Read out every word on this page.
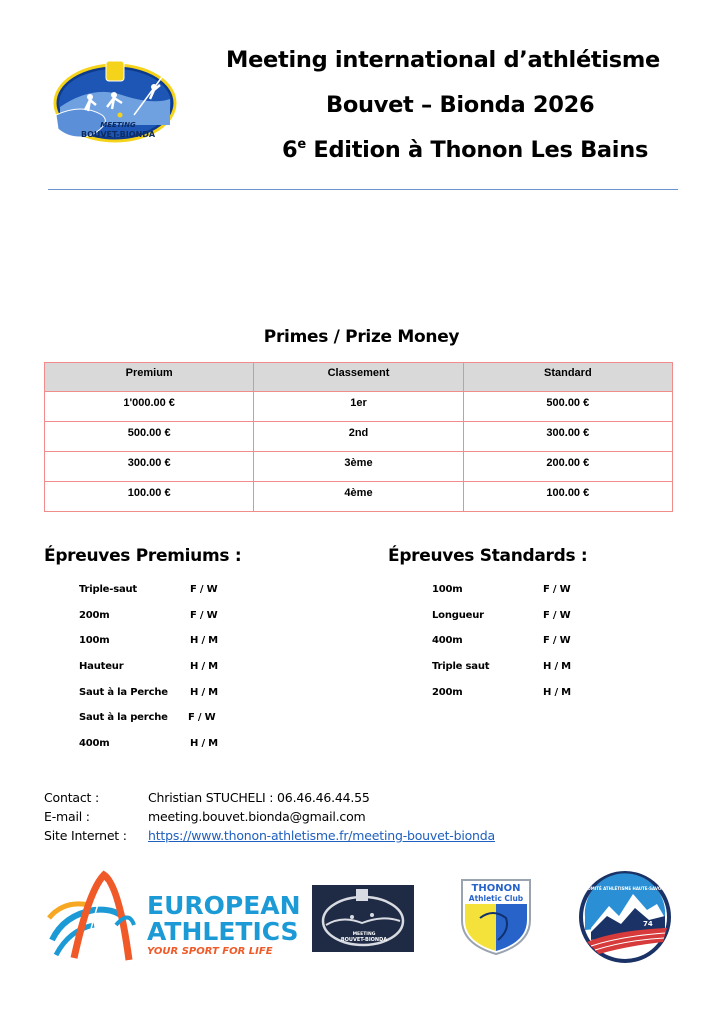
MEETING
BOUVET-BIONDA
Meeting international d’athlétisme
Bouvet – Bionda 2026
6e Edition à Thonon Les Bains
Primes / Prize Money
Premium	Classement	Standard
1'000.00 €	1er	500.00 €
500.00 €	2nd	300.00 €
300.00 €	3ème	200.00 €
100.00 €	4ème	100.00 €
Épreuves Premiums :	Épreuves Standards :
Triple-saut	F / W
200m	F / W
100m	H / M
Hauteur	H / M
Saut à la Perche H / M
Saut à la perche F / W
400m	H / M
100m	F / W
Longueur	F / W
400m	F / W
Triple saut	H / M
200m	H / M
Contact :	Christian STUCHELI : 06.46.46.44.55
E-mail :	meeting.bouvet.bionda@gmail.com
Site Internet : https://www.thonon-athletisme.fr/meeting-bouvet-bionda
EUROPEAN
ATHLETICS
YOUR SPORT FOR LIFE
MEETING
BOUVET-BIONDA
THONON
Athletic Club
74
COMITÉ ATHLÉTISME HAUTE-SAVOIE
